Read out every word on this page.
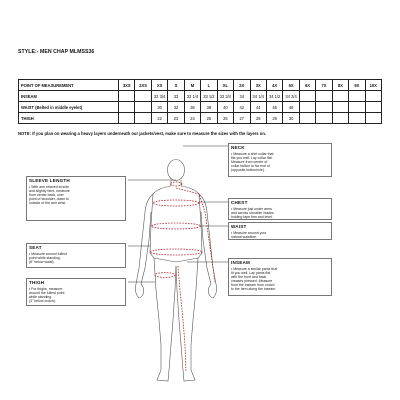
STYLE:- MEN CHAP MLMSS36
POINT OF MEASUREMENT	3XS	2XS	XS	S	M	L	XL	2X	3X	4X	5X	6X	7X	8X	9X	10X
INSEAM			32 3/4	33	33 1/4	33 1/2	33 3/4	34	34 1/4	34 1/2	34 3/4					
WAIST (Belted in middle eyelet)			30	32	36	38	40	42	44	46	48					
THIGH			22	23	24	25	26	27	28	29	30					
NOTE: If you plan on wearing a heavy layers underneath our jackets/vest, make sure to measure the sizes with the layers on.
SLEEVE LENGTH
• With arm relaxed at side
and slightly bent, measure
from center back, over
point of shoulder, down to
outside of the arm wrist.
SEAT
• Measure around fullest
point while standing.
(8" below waist).
THIGH
• For thighs, measure
around the fullest point
while standing
(4" below crotch).
NECK
• Measure a shirt collar that
fits you well. Lay collar flat.
Measure from center of
collar button to far end of
(opposite buttonhole).
CHEST
• Measure just under arms
and across shoulder blades
holding tape firm and level.
WAIST
• Measure around your
natural waistline.
INSEAM
• Measure a similar pants that
fit you well. Lay pants flat,
with the front and back
creases pressed. Measure
from the inseam from crotch
to the hem along the inseam.
